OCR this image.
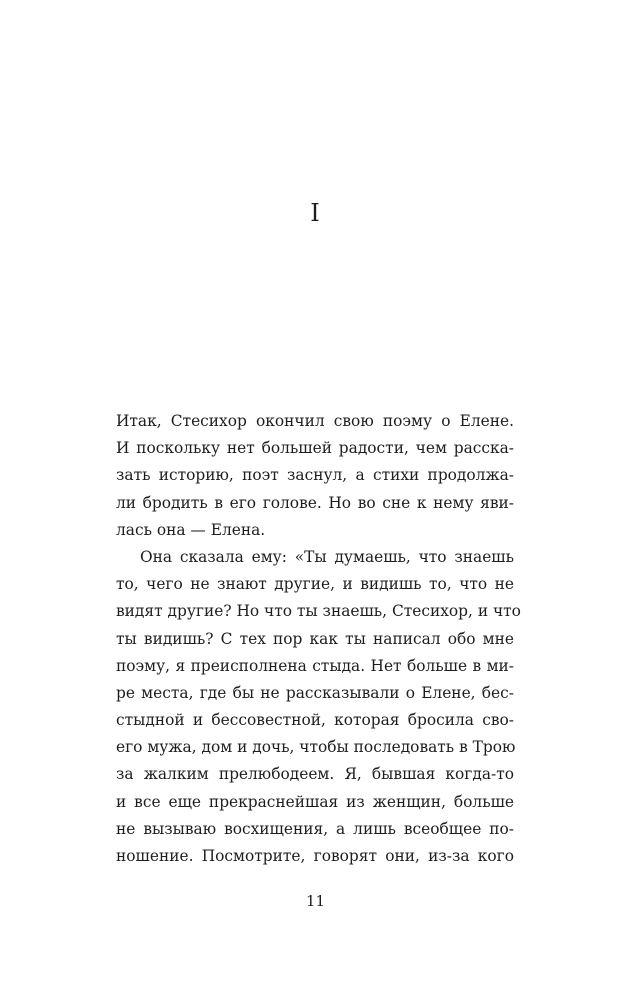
I
Итак, Стесихор окончил свою поэму о Елене.
И поскольку нет большей радости, чем расска-
зать историю, поэт заснул, а стихи продолжа-
ли бродить в его голове. Но во сне к нему яви-
лась она — Елена.
Она сказала ему: «Ты думаешь, что знаешь
то, чего не знают другие, и видишь то, что не
видят другие? Но что ты знаешь, Стесихор, и что
ты видишь? С тех пор как ты написал обо мне
поэму, я преисполнена стыда. Нет больше в ми-
ре места, где бы не рассказывали о Елене, бес-
стыдной и бессовестной, которая бросила сво-
его мужа, дом и дочь, чтобы последовать в Трою
за жалким прелюбодеем. Я, бывшая когда-то
и все еще прекраснейшая из женщин, больше
не вызываю восхищения, а лишь всеобщее по-
ношение. Посмотрите, говорят они, из-за кого
11
